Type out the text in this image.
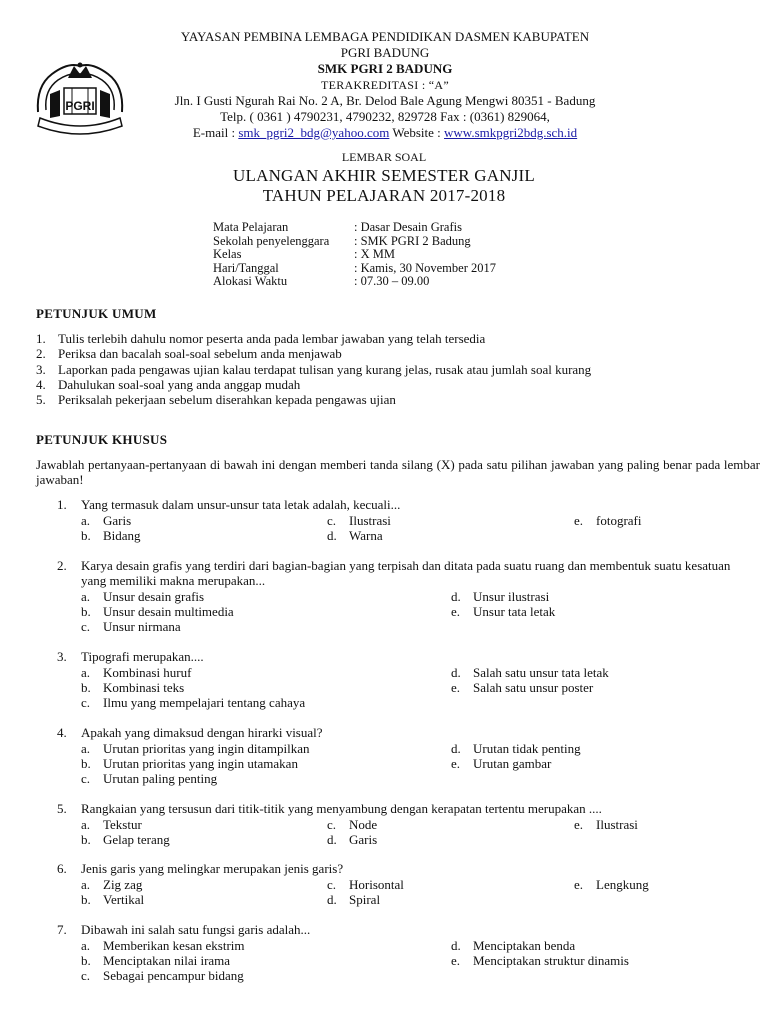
PGRI
YAYASAN PEMBINA LEMBAGA PENDIDIKAN DASMEN KABUPATEN
PGRI BADUNG
SMK PGRI 2 BADUNG
TERAKREDITASI : “A”
Jln. I Gusti Ngurah Rai No. 2 A, Br. Delod Bale Agung Mengwi 80351 - Badung
Telp. ( 0361 ) 4790231, 4790232, 829728 Fax : (0361) 829064,
E-mail : smk_pgri2_bdg@yahoo.com Website : www.smkpgri2bdg.sch.id
LEMBAR SOAL
ULANGAN AKHIR SEMESTER GANJIL
TAHUN PELAJARAN 2017-2018
Mata Pelajaran	: Dasar Desain Grafis
Sekolah penyelenggara	: SMK PGRI 2 Badung
Kelas	: X MM
Hari/Tanggal	: Kamis, 30 November 2017
Alokasi Waktu	: 07.30 – 09.00
PETUNJUK UMUM
1. Tulis terlebih dahulu nomor peserta anda pada lembar jawaban yang telah tersedia
2. Periksa dan bacalah soal-soal sebelum anda menjawab
3. Laporkan pada pengawas ujian kalau terdapat tulisan yang kurang jelas, rusak atau jumlah soal kurang
4. Dahulukan soal-soal yang anda anggap mudah
5. Periksalah pekerjaan sebelum diserahkan kepada pengawas ujian
PETUNJUK KHUSUS
Jawablah pertanyaan-pertanyaan di bawah ini dengan memberi tanda silang (X) pada satu pilihan jawaban yang paling benar pada lembar jawaban!
1.	Yang termasuk dalam unsur-unsur tata letak adalah, kecuali...
a. Garis
b. Bidang
c. Ilustrasi
d. Warna
e. fotografi
2.	Karya desain grafis yang terdiri dari bagian-bagian yang terpisah dan ditata pada suatu ruang dan membentuk suatu kesatuan yang memiliki makna merupakan...
a. Unsur desain grafis
b. Unsur desain multimedia
c. Unsur nirmana
d. Unsur ilustrasi
e. Unsur tata letak
3.	Tipografi merupakan....
a. Kombinasi huruf
b. Kombinasi teks
c. Ilmu yang mempelajari tentang cahaya
d. Salah satu unsur tata letak
e. Salah satu unsur poster
4.	Apakah yang dimaksud dengan hirarki visual?
a. Urutan prioritas yang ingin ditampilkan
b. Urutan prioritas yang ingin utamakan
c. Urutan paling penting
d. Urutan tidak penting
e. Urutan gambar
5.	Rangkaian yang tersusun dari titik-titik yang menyambung dengan kerapatan tertentu merupakan ....
a. Tekstur
b. Gelap terang
c. Node
d. Garis
e. Ilustrasi
6.	Jenis garis yang melingkar merupakan jenis garis?
a. Zig zag
b. Vertikal
c. Horisontal
d. Spiral
e. Lengkung
7.	Dibawah ini salah satu fungsi garis adalah...
a. Memberikan kesan ekstrim
b. Menciptakan nilai irama
c. Sebagai pencampur bidang
d. Menciptakan benda
e. Menciptakan struktur dinamis
